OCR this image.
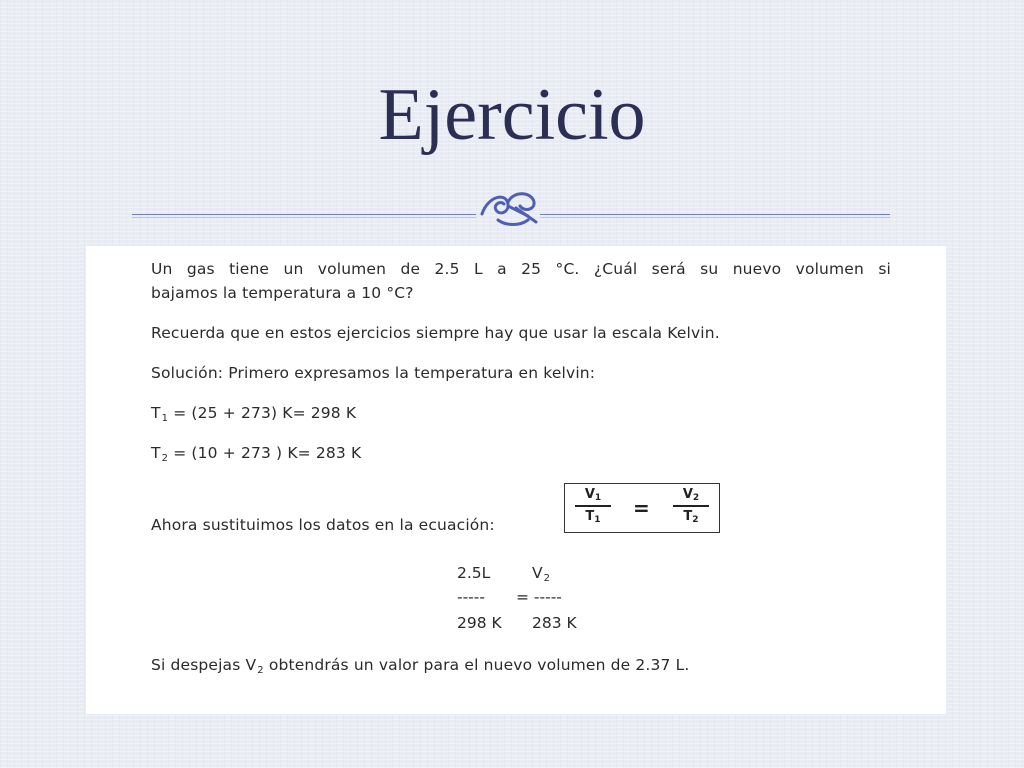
Ejercicio

Un gas tiene un volumen de 2.5 L a 25 °C. ¿Cuál será su nuevo volumen si

bajamos la temperatura a 10 °C?

Recuerda que en estos ejercicios siempre hay que usar la escala Kelvin.

Solución: Primero expresamos la temperatura en kelvin:

$T_1 = (25 + 273)$ K= 298 K

$T_2 = (10 + 273$ ) K= 283 K

Ahora sustituimos los datos en la ecuación:

V1
T1	=
V2
T2

2.5L	$V_2$

----- = -----

298 K 283 K

Si despejas $V_2$ obtendrás un valor para el nuevo volumen de 2.37 L.
